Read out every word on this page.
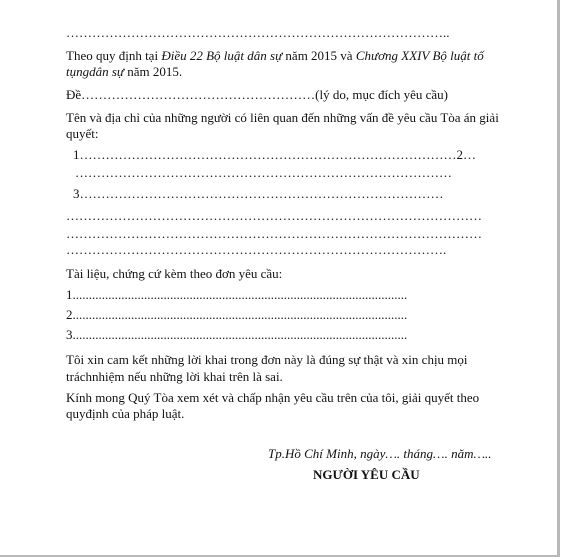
……………………………………………………………………………..
Theo quy định tại Điều 22 Bộ luật dân sự năm 2015 và Chương XXIV Bộ luật tố
tụngdân sự năm 2015.
Đề………………………………………………(lý do, mục đích yêu cầu)
Tên và địa chỉ của những người có liên quan đến những vấn đề yêu cầu Tòa án giải
quyết:
1……………………………………………………………………………2…
……………………………………………………………………………
3…………………………………………………………………………
……………………………………………………………………………………
……………………………………………………………………………………
…………………………………………………………………………….
Tài liệu, chứng cứ kèm theo đơn yêu cầu:
1.......................................................................................................
2.......................................................................................................
3.......................................................................................................
Tôi xin cam kết những lời khai trong đơn này là đúng sự thật và xin chịu mọi
tráchnhiệm nếu những lời khai trên là sai.
Kính mong Quý Tòa xem xét và chấp nhận yêu cầu trên của tôi, giải quyết theo
quyđịnh của pháp luật.
Tp.Hồ Chí Minh, ngày…. tháng…. năm…..
NGƯỜI YÊU CẦU
